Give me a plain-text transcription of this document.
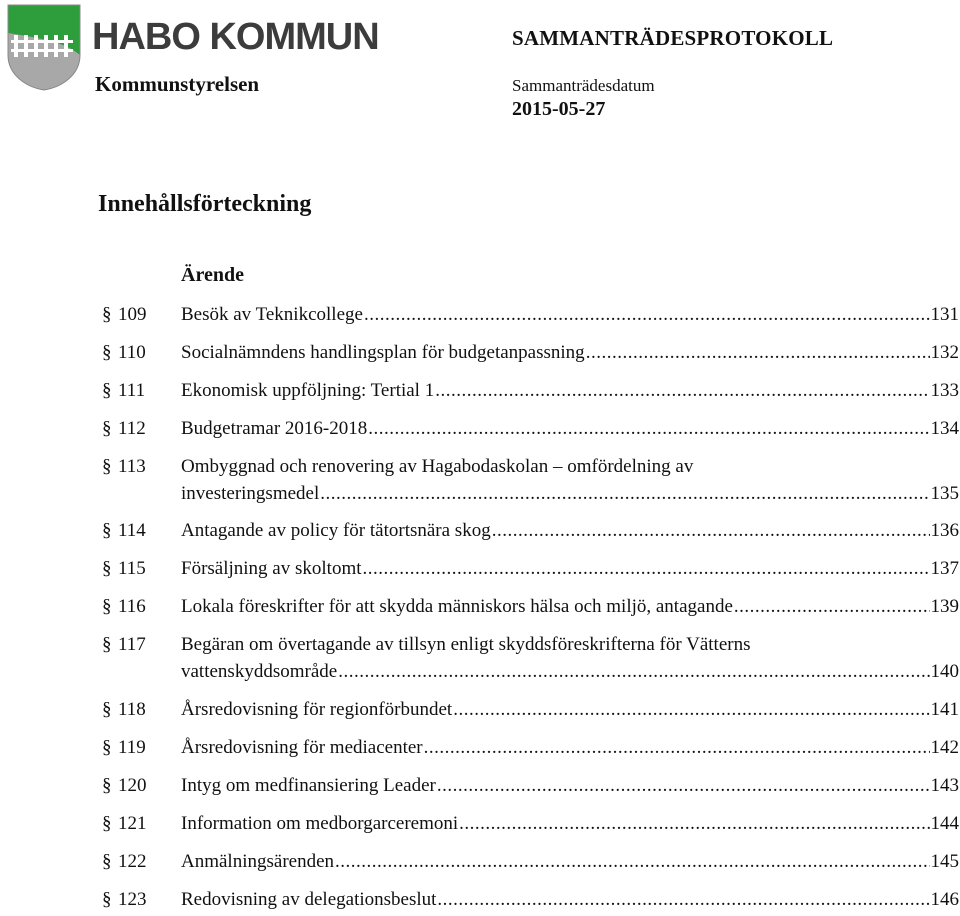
HABO KOMMUN
Kommunstyrelsen
SAMMANTRÄDESPROTOKOLL
Sammanträdesdatum
2015-05-27
Innehållsförteckning
Ärende
§ 109 Besök av Teknikcollege .....	131
§ 110 Socialnämndens handlingsplan för budgetanpassning .....	132
§ 111 Ekonomisk uppföljning: Tertial 1 .....	133
§ 112 Budgetramar 2016-2018 .....	134
§ 113 Ombyggnad och renovering av Hagabodaskolan – omfördelning av
investeringsmedel .....	135
§ 114 Antagande av policy för tätortsnära skog .....	136
§ 115 Försäljning av skoltomt .....	137
§ 116 Lokala föreskrifter för att skydda människors hälsa och miljö, antagande .....	139
§ 117 Begäran om övertagande av tillsyn enligt skyddsföreskrifterna för Vätterns
vattenskyddsområde .....	140
§ 118 Årsredovisning för regionförbundet .....	141
§ 119 Årsredovisning för mediacenter .....	142
§ 120 Intyg om medfinansiering Leader .....	143
§ 121 Information om medborgarceremoni .....	144
§ 122 Anmälningsärenden .....	145
§ 123 Redovisning av delegationsbeslut .....	146
